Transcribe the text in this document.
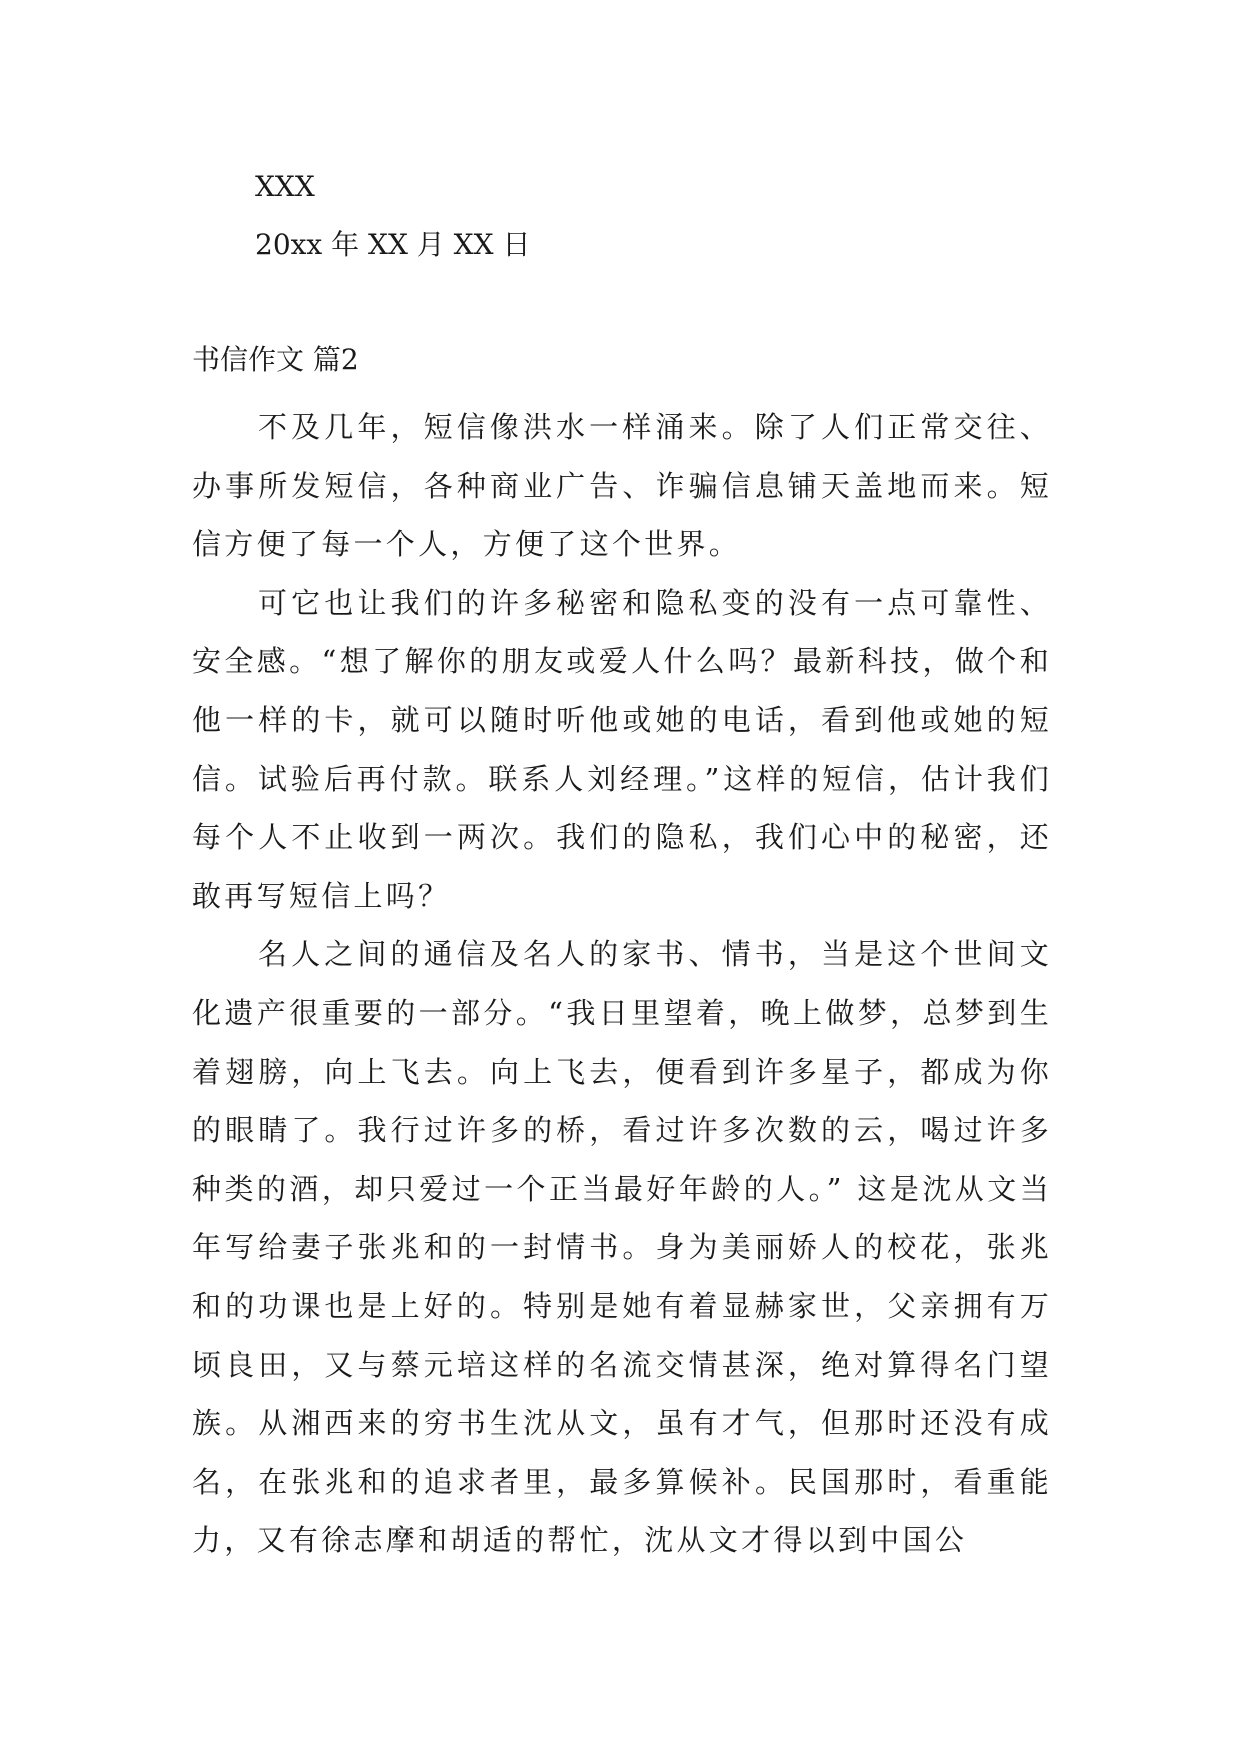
XXX
20xx 年 XX 月 XX 日
书信作文 篇2

不及几年，短信像洪水一样涌来。除了人们正常交往、办事所发短信，各种商业广告、诈骗信息铺天盖地而来。短信方便了每一个人，方便了这个世界。

可它也让我们的许多秘密和隐私变的没有一点可靠性、安全感。“想了解你的朋友或爱人什么吗？最新科技，做个和他一样的卡，就可以随时听他或她的电话，看到他或她的短信。试验后再付款。联系人刘经理。”这样的短信，估计我们每个人不止收到一两次。我们的隐私，我们心中的秘密，还敢再写短信上吗？

名人之间的通信及名人的家书、情书，当是这个世间文化遗产很重要的一部分。“我日里望着，晚上做梦，总梦到生着翅膀，向上飞去。向上飞去，便看到许多星子，都成为你的眼睛了。我行过许多的桥，看过许多次数的云，喝过许多种类的酒，却只爱过一个正当最好年龄的人。” 这是沈从文当年写给妻子张兆和的一封情书。身为美丽娇人的校花，张兆和的功课也是上好的。特别是她有着显赫家世，父亲拥有万顷良田，又与蔡元培这样的名流交情甚深，绝对算得名门望族。从湘西来的穷书生沈从文，虽有才气，但那时还没有成名，在张兆和的追求者里，最多算候补。民国那时，看重能力，又有徐志摩和胡适的帮忙，沈从文才得以到中国公
